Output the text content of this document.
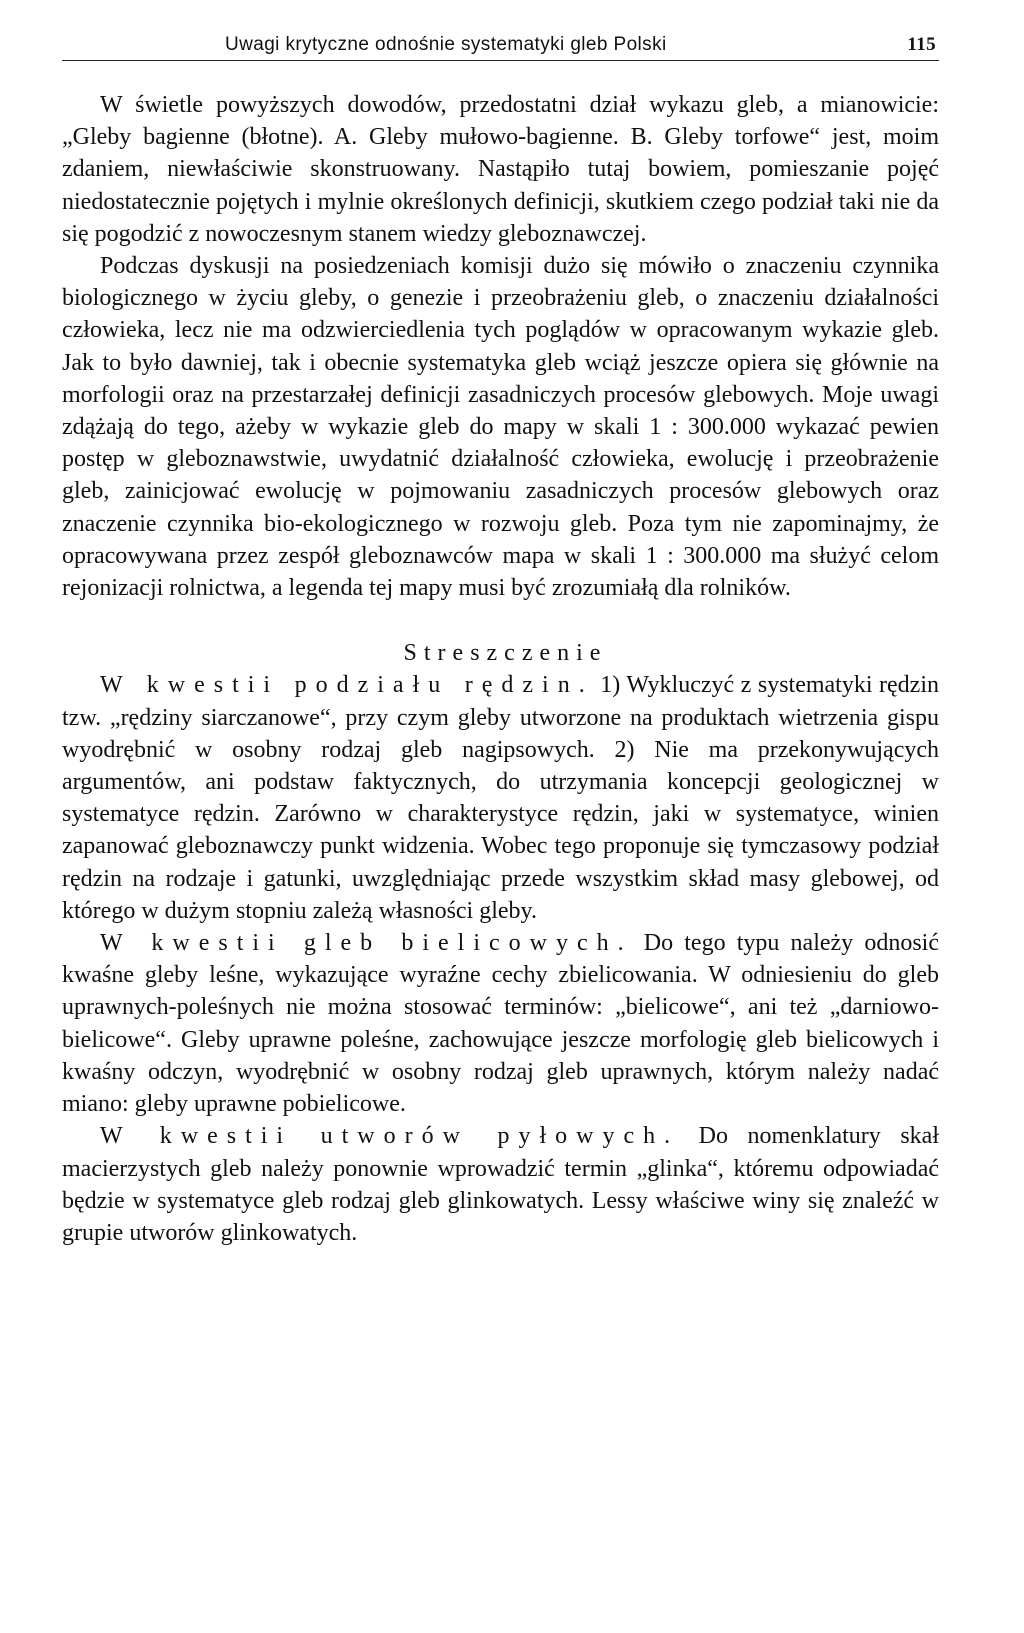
Uwagi krytyczne odnośnie systematyki gleb Polski	115

W świetle powyższych dowodów, przedostatni dział wykazu gleb, a mianowicie: „Gleby bagienne (błotne). A. Gleby mułowo-bagienne. B. Gleby torfowe“ jest, moim zdaniem, niewłaściwie skonstruowany. Nastąpiło tutaj bowiem, pomieszanie pojęć niedostatecznie pojętych i mylnie określonych definicji, skutkiem czego podział taki nie da się pogodzić z nowoczesnym stanem wiedzy gleboznawczej.

Podczas dyskusji na posiedzeniach komisji dużo się mówiło o znaczeniu czynnika biologicznego w życiu gleby, o genezie i przeobrażeniu gleb, o znaczeniu działalności człowieka, lecz nie ma odzwierciedlenia tych poglądów w opracowanym wykazie gleb. Jak to było dawniej, tak i obecnie systematyka gleb wciąż jeszcze opiera się głównie na morfologii oraz na przestarzałej definicji zasadniczych procesów glebowych. Moje uwagi zdążają do tego, ażeby w wykazie gleb do mapy w skali 1 : 300.000 wykazać pewien postęp w gleboznawstwie, uwydatnić działalność człowieka, ewolucję i przeobrażenie gleb, zainicjować ewolucję w pojmowaniu zasadniczych procesów glebowych oraz znaczenie czynnika bio-ekologicznego w rozwoju gleb. Poza tym nie zapominajmy, że opracowywana przez zespół gleboznawców mapa w skali 1 : 300.000 ma służyć celom rejonizacji rolnictwa, a legenda tej mapy musi być zrozumiałą dla rolników.

Streszczenie

W kwestii podziału rędzin. 1) Wykluczyć z systematyki rędzin tzw. „rędziny siarczanowe“, przy czym gleby utworzone na produktach wietrzenia gispu wyodrębnić w osobny rodzaj gleb nagipsowych. 2) Nie ma przekonywujących argumentów, ani podstaw faktycznych, do utrzymania koncepcji geologicznej w systematyce rędzin. Zarówno w charakterystyce rędzin, jaki w systematyce, winien zapanować gleboznawczy punkt widzenia. Wobec tego proponuje się tymczasowy podział rędzin na rodzaje i gatunki, uwzględniając przede wszystkim skład masy glebowej, od którego w dużym stopniu zależą własności gleby.

W kwestii gleb bielicowych. Do tego typu należy odnosić kwaśne gleby leśne, wykazujące wyraźne cechy zbielicowania. W odniesieniu do gleb uprawnych-poleśnych nie można stosować terminów: „bielicowe“, ani też „darniowo-bielicowe“. Gleby uprawne poleśne, zachowujące jeszcze morfologię gleb bielicowych i kwaśny odczyn, wyodrębnić w osobny rodzaj gleb uprawnych, którym należy nadać miano: gleby uprawne pobielicowe.

W kwestii utworów pyłowych. Do nomenklatury skał macierzystych gleb należy ponownie wprowadzić termin „glinka“, któremu odpowiadać będzie w systematyce gleb rodzaj gleb glinkowatych. Lessy właściwe winy się znaleźć w grupie utworów glinkowatych.
